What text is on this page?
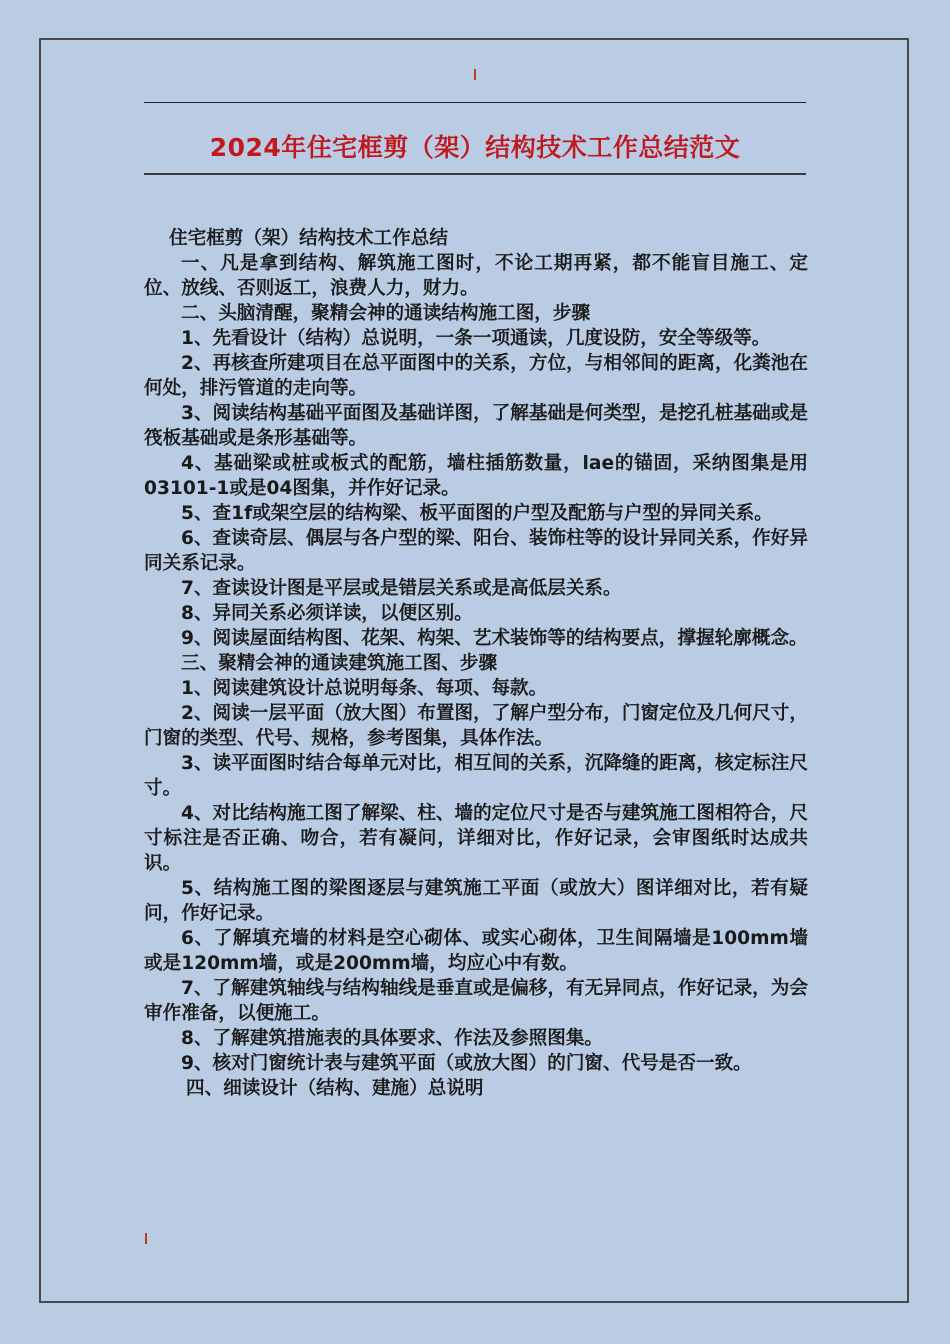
2024年住宅框剪（架）结构技术工作总结范文

住宅框剪（架）结构技术工作总结

一、凡是拿到结构、解筑施工图时，不论工期再紧，都不能盲目施工、定位、放线、否则返工，浪费人力，财力。

二、头脑清醒，聚精会神的通读结构施工图，步骤

1、先看设计（结构）总说明，一条一项通读，几度设防，安全等级等。

2、再核查所建项目在总平面图中的关系，方位，与相邻间的距离，化粪池在何处，排污管道的走向等。

3、阅读结构基础平面图及基础详图，了解基础是何类型，是挖孔桩基础或是筏板基础或是条形基础等。

4、基础梁或桩或板式的配筋，墙柱插筋数量，lae的锚固，采纳图集是用03101-1或是04图集，并作好记录。

5、查1f或架空层的结构梁、板平面图的户型及配筋与户型的异同关系。

6、查读奇层、偶层与各户型的梁、阳台、装饰柱等的设计异同关系，作好异同关系记录。

7、查读设计图是平层或是错层关系或是高低层关系。

8、异同关系必须详读，以便区别。

9、阅读屋面结构图、花架、构架、艺术装饰等的结构要点，撑握轮廓概念。

三、聚精会神的通读建筑施工图、步骤

1、阅读建筑设计总说明每条、每项、每款。

2、阅读一层平面（放大图）布置图，了解户型分布，门窗定位及几何尺寸，门窗的类型、代号、规格，参考图集，具体作法。

3、读平面图时结合每单元对比，相互间的关系，沉降缝的距离，核定标注尺寸。

4、对比结构施工图了解梁、柱、墙的定位尺寸是否与建筑施工图相符合，尺寸标注是否正确、吻合，若有凝问，详细对比，作好记录，会审图纸时达成共识。

5、结构施工图的梁图逐层与建筑施工平面（或放大）图详细对比，若有疑问，作好记录。

6、了解填充墙的材料是空心砌体、或实心砌体，卫生间隔墙是100mm墙或是120mm墙，或是200mm墙，均应心中有数。

7、了解建筑轴线与结构轴线是垂直或是偏移，有无异同点，作好记录，为会审作准备，以便施工。

8、了解建筑措施表的具体要求、作法及参照图集。

9、核对门窗统计表与建筑平面（或放大图）的门窗、代号是否一致。

四、细读设计（结构、建施）总说明
